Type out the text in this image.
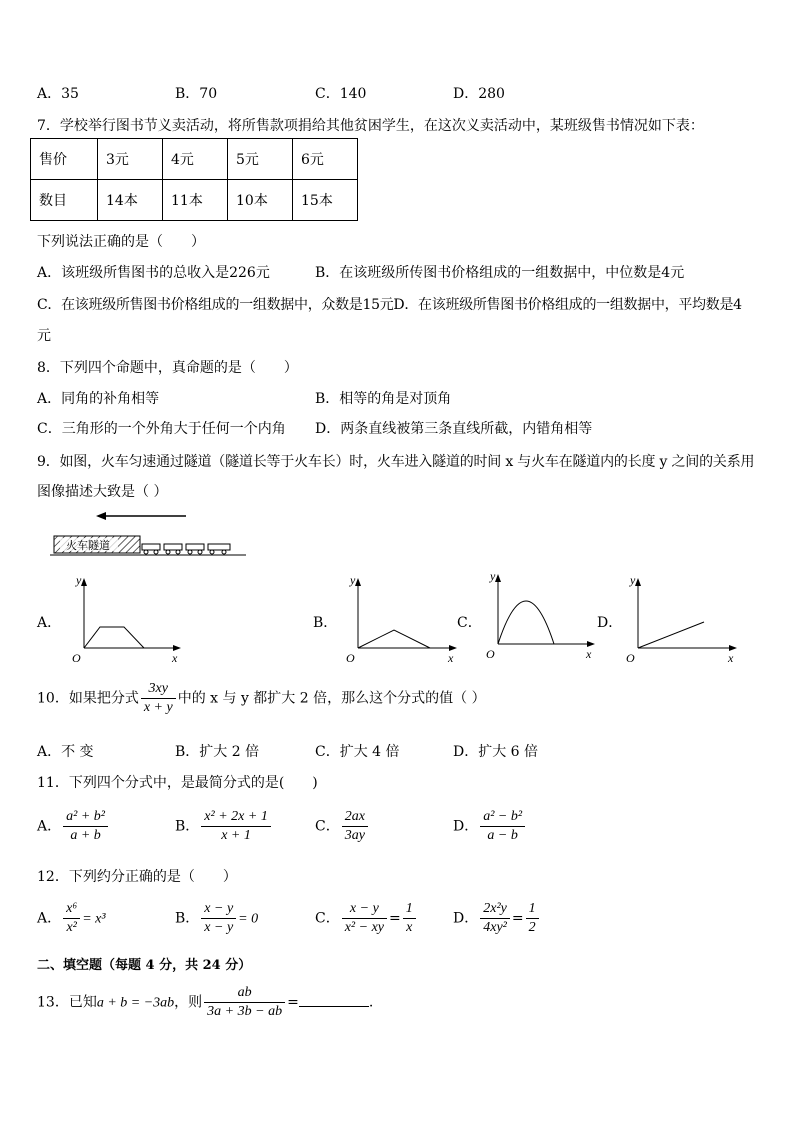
A．35	B．70	C．140	D．280
7．学校举行图书节义卖活动，将所售款项捐给其他贫困学生，在这次义卖活动中，某班级售书情况如下表：
售价	3元	4元	5元	6元
数目	14本	11本	10本	15本
下列说法正确的是（　　）
A．该班级所售图书的总收入是226元	B．在该班级所传图书价格组成的一组数据中，中位数是4元
C．在该班级所售图书价格组成的一组数据中，众数是15元D．在该班级所售图书价格组成的一组数据中，平均数是4
元
8．下列四个命题中，真命题的是（　　）
A．同角的补角相等	B．相等的角是对顶角
C．三角形的一个外角大于任何一个内角 D．两条直线被第三条直线所截，内错角相等
9．如图，火车匀速通过隧道（隧道长等于火车长）时，火车进入隧道的时间 x 与火车在隧道内的长度 y 之间的关系用
图像描述大致是（ ）
火车隧道
A．	B．	C．	D．
y
x
O
y
x
O
y
x
O
y
x
O
10．如果把分式 $\frac{3xy}{x + y}$ 中的 x 与 y 都扩大 2 倍，那么这个分式的值（ ）
A．不 变	B．扩大 2 倍	C．扩大 4 倍	D．扩大 6 倍
11．下列四个分式中，是最简分式的是(　　)
A． $\frac{\text{a² + b²}}{a + b}$	B． $\frac{\text{x² + 2x + 1}}{x + 1}$	C． $\frac{2ax}{3ay}$	D． $\frac{\text{a² − b²}}{a - b}$
12．下列约分正确的是（　　）
A． $\frac{\text{x⁶}}{\text{x²}} = x^3$	B． $\frac{x - y}{x - y} = 0$	C． $\frac{x - y}{\text{x² − xy}} = \frac{1}{x}$	D． $\frac{\text{2x²y}}{\text{4xy²}} = \frac{1}{2}$
二、填空题（每题 4 分，共 24 分）
13．已知a + b = −3ab，则 $\frac{ab}{3a + 3b - ab}$ =	.
